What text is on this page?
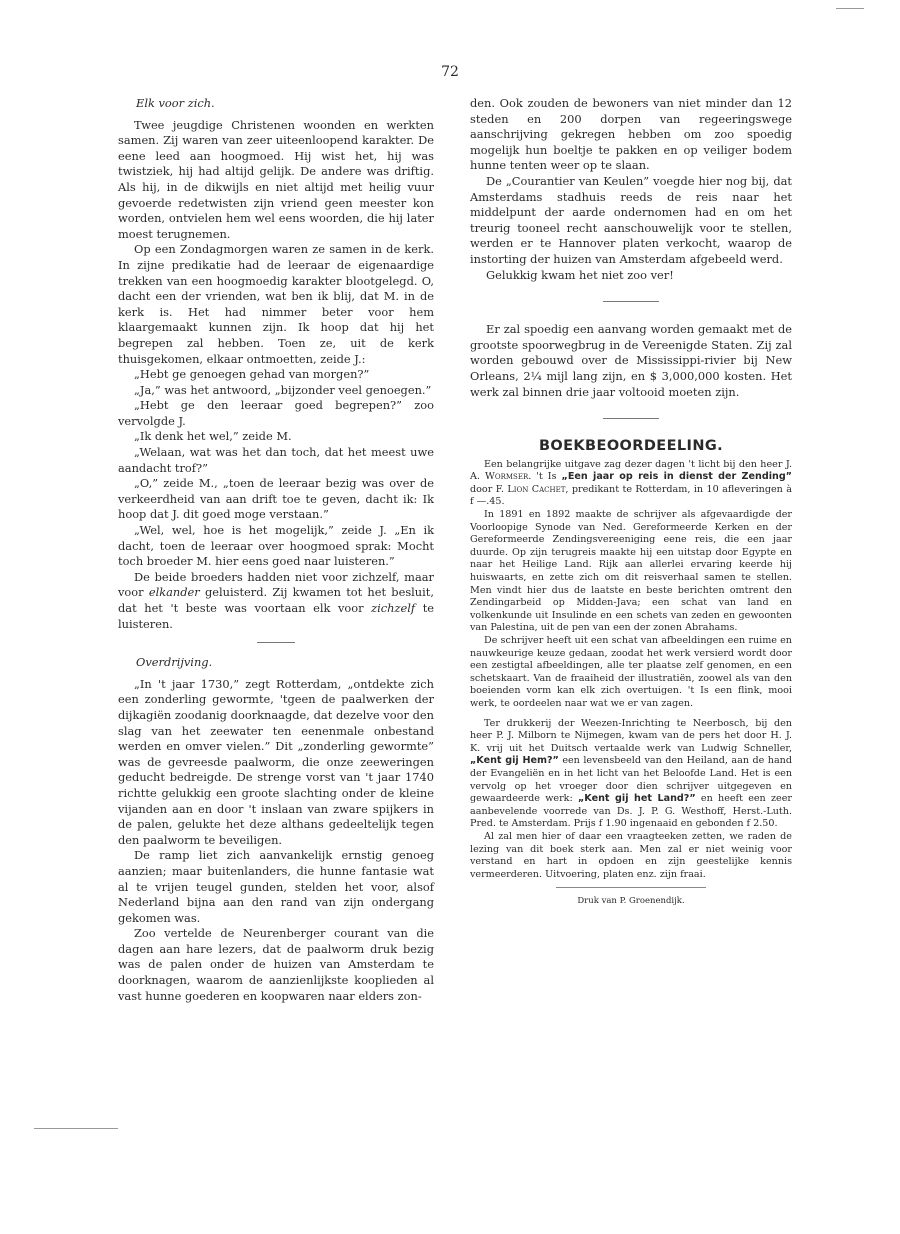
72

Elk voor zich.

Twee jeugdige Christenen woonden en werkten samen. Zij waren van zeer uiteenloopend karakter. De eene leed aan hoogmoed. Hij wist het, hij was twistziek, hij had altijd gelijk. De andere was driftig. Als hij, in de dikwijls en niet altijd met heilig vuur gevoerde redetwisten zijn vriend geen meester kon worden, ontvielen hem wel eens woorden, die hij later moest terugnemen.

Op een Zondagmorgen waren ze samen in de kerk. In zijne predikatie had de leeraar de eigenaardige trekken van een hoogmoedig karakter blootgelegd. O, dacht een der vrienden, wat ben ik blij, dat M. in de kerk is. Het had nimmer beter voor hem klaargemaakt kunnen zijn. Ik hoop dat hij het begrepen zal hebben. Toen ze, uit de kerk thuisgekomen, elkaar ontmoetten, zeide J.:

„Hebt ge genoegen gehad van morgen?”

„Ja,” was het antwoord, „bijzonder veel genoegen.”

„Hebt ge den leeraar goed begrepen?” zoo vervolgde J.

„Ik denk het wel,” zeide M.

„Welaan, wat was het dan toch, dat het meest uwe aandacht trof?”

„O,” zeide M., „toen de leeraar bezig was over de verkeerdheid van aan drift toe te geven, dacht ik: Ik hoop dat J. dit goed moge verstaan.”

„Wel, wel, hoe is het mogelijk,” zeide J. „En ik dacht, toen de leeraar over hoogmoed sprak: Mocht toch broeder M. hier eens goed naar luisteren.”

De beide broeders hadden niet voor zichzelf, maar voor elkander geluisterd. Zij kwamen tot het besluit, dat het 't beste was voortaan elk voor zichzelf te luisteren.

Overdrijving.

„In 't jaar 1730,” zegt Rotterdam, „ontdekte zich een zonderling gewormte, 'tgeen de paalwerken der dijkagiën zoodanig doorknaagde, dat dezelve voor den slag van het zeewater ten eenenmale onbestand werden en omver vielen.” Dit „zonderling gewormte” was de gevreesde paalworm, die onze zeeweringen geducht bedreigde. De strenge vorst van 't jaar 1740 richtte gelukkig een groote slachting onder de kleine vijanden aan en door 't inslaan van zware spijkers in de palen, gelukte het deze althans gedeeltelijk tegen den paalworm te beveiligen.

De ramp liet zich aanvankelijk ernstig genoeg aanzien; maar buitenlanders, die hunne fantasie wat al te vrijen teugel gunden, stelden het voor, alsof Nederland bijna aan den rand van zijn ondergang gekomen was.

Zoo vertelde de Neurenberger courant van die dagen aan hare lezers, dat de paalworm druk bezig was de palen onder de huizen van Amsterdam te doorknagen, waarom de aanzienlijkste kooplieden al vast hunne goederen en koopwaren naar elders zon-

den. Ook zouden de bewoners van niet minder dan 12 steden en 200 dorpen van regeeringswege aanschrijving gekregen hebben om zoo spoedig mogelijk hun boeltje te pakken en op veiliger bodem hunne tenten weer op te slaan.

De „Courantier van Keulen” voegde hier nog bij, dat Amsterdams stadhuis reeds de reis naar het middelpunt der aarde ondernomen had en om het treurig tooneel recht aanschouwelijk voor te stellen, werden er te Hannover platen verkocht, waarop de instorting der huizen van Amsterdam afgebeeld werd.

Gelukkig kwam het niet zoo ver!

Er zal spoedig een aanvang worden gemaakt met de grootste spoorwegbrug in de Vereenigde Staten. Zij zal worden gebouwd over de Mississippi-rivier bij New Orleans, 2¼ mijl lang zijn, en $ 3,000,000 kosten. Het werk zal binnen drie jaar voltooid moeten zijn.

BOEKBEOORDEELING.

Een belangrijke uitgave zag dezer dagen 't licht bij den heer J. A. Wormser. 't Is „Een jaar op reis in dienst der Zending” door F. Lion Cachet, predikant te Rotterdam, in 10 afleveringen à f —.45.

In 1891 en 1892 maakte de schrijver als afgevaardigde der Voorloopige Synode van Ned. Gereformeerde Kerken en der Gereformeerde Zendingsvereeniging eene reis, die een jaar duurde. Op zijn terugreis maakte hij een uitstap door Egypte en naar het Heilige Land. Rijk aan allerlei ervaring keerde hij huiswaarts, en zette zich om dit reisverhaal samen te stellen. Men vindt hier dus de laatste en beste berichten omtrent den Zendingarbeid op Midden-Java; een schat van land en volkenkunde uit Insulinde en een schets van zeden en gewoonten van Palestina, uit de pen van een der zonen Abrahams.

De schrijver heeft uit een schat van afbeeldingen een ruime en nauwkeurige keuze gedaan, zoodat het werk versierd wordt door een zestigtal afbeeldingen, alle ter plaatse zelf genomen, en een schetskaart. Van de fraaiheid der illustratiën, zoowel als van den boeienden vorm kan elk zich overtuigen. 't Is een flink, mooi werk, te oordeelen naar wat we er van zagen.

Ter drukkerij der Weezen-Inrichting te Neerbosch, bij den heer P. J. Milborn te Nijmegen, kwam van de pers het door H. J. K. vrij uit het Duitsch vertaalde werk van Ludwig Schneller, „Kent gij Hem?” een levensbeeld van den Heiland, aan de hand der Evangeliën en in het licht van het Beloofde Land. Het is een vervolg op het vroeger door dien schrijver uitgegeven en gewaardeerde werk: „Kent gij het Land?” en heeft een zeer aanbevelende voorrede van Ds. J. P. G. Westhoff, Herst.-Luth. Pred. te Amsterdam. Prijs f 1.90 ingenaaid en gebonden f 2.50.

Al zal men hier of daar een vraagteeken zetten, we raden de lezing van dit boek sterk aan. Men zal er niet weinig voor verstand en hart in opdoen en zijn geestelijke kennis vermeerderen. Uitvoering, platen enz. zijn fraai.

Druk van P. Groenendijk.
